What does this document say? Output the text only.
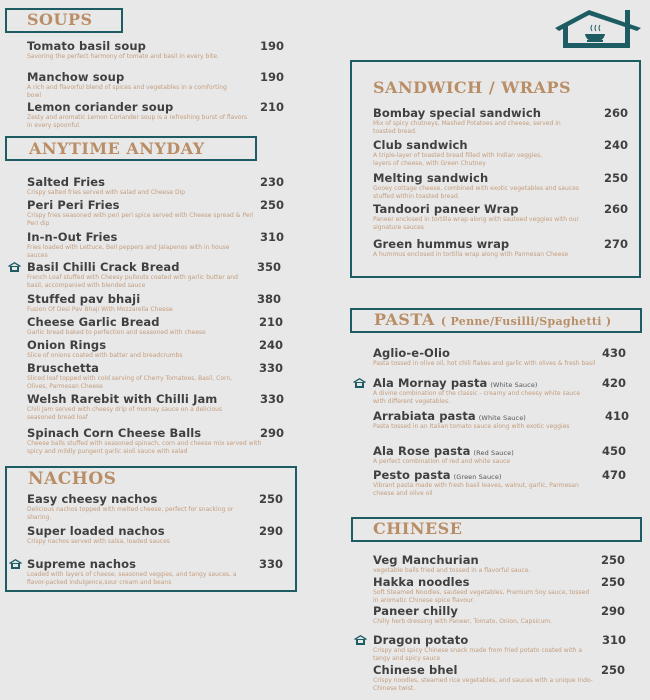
SOUPS
Tomato basil soup	190
Savoring the perfect harmony of tomato and basil in every bite.
Manchow soup	190
A rich and flavorful blend of spices and vegetables in a comforting bowl
Lemon coriander soup	210
Zesty and aromatic Lemon Coriander soup is a refreshing burst of flavors in every spoonful.
ANYTIME ANYDAY
Salted Fries	230
Crispy salted fries served with salad and Cheese Dip
Peri Peri Fries	250
Crispy fries seasoned with peri peri spice served with Cheese spread & Peri Peri dip
In-n-Out Fries	310
Fries loaded with Lettuce, Bell peppers and Jalapenos with in house sauces
Basil Chilli Crack Bread	350
French Loaf stuffed with Cheesy pullouts coated with garlic butter and basil, accompanied with blended sauce
Stuffed pav bhaji	380
Fusion Of Desi Pav Bhaji With Mozzarella Cheese
Cheese Garlic Bread	210
Garlic bread baked to perfection and seasoned with cheese
Onion Rings	240
Slice of onions coated with batter and breadcrumbs
Bruschetta	330
Sliced loaf topped with cold serving of Cherry Tomatoes, Basil, Corn, Olives, Parmesan Cheese
Welsh Rarebit with Chilli Jam	330
Chili Jam served with cheesy drip of mornay sauce on a delicious seasoned bread loaf
Spinach Corn Cheese Balls	290
Cheese balls stuffed with seasoned spinach, corn and cheese mix served with spicy and mildly pungent garlic aioli sauce with salad
NACHOS
Easy cheesy nachos	250
Delicious nachos topped with melted cheese, perfect for snacking or sharing.
Super loaded nachos	290
Crispy nachos served with salsa, loaded sauces
Supreme nachos	330
Loaded with layers of cheese, seasoned veggies, and tangy sauces, a flavor-packed indulgence,sour cream and beans
SANDWICH / WRAPS
Bombay special sandwich	260
Mix of spicy chutneys, Mashed Potatoes and cheese, served in toasted bread.
Club sandwich	240
A triple-layer of toasted bread filled with Indian veggies, layers of cheese, with Green Chutney
Melting sandwich	250
Gooey cottage cheese, combined with exotic vegetables and sauces stuffed within toasted bread.
Tandoori paneer Wrap	260
Paneer enclosed in tortilla wrap along with sauteed veggies with our signature sauces
Green hummus wrap	270
A hummus enclosed in tortilla wrap along with Parmesan Cheese
PASTA ( Penne/Fusilli/Spaghetti )
Aglio-e-Olio	430
Pasta tossed in olive oil, hot chili flakes and garlic with olives & fresh basil
Ala Mornay pasta (White Sauce)	420
A divine combination of the classic - creamy and cheesy white sauce with different vegetables.
Arrabiata pasta (White Sauce)	410
Pasta tossed in an Italian tomato sauce along with exotic veggies
Ala Rose pasta (Red Sauce)	450
A perfect combination of red and white sauce
Pesto pasta (Green Sauce)	470
Vibrant pasta made with fresh basil leaves, walnut, garlic, Parmesan cheese and olive oil
CHINESE
Veg Manchurian	250
vegetable balls fried and tossed in a flavorful sauce.
Hakka noodles	250
Soft Steamed Noodles, sauteed vegetables, Premium Soy sauce, tossed in aromatic Chinese spice flavour.
Paneer chilly	290
Chilly herb dressing with Paneer, Tomato, Onion, Capsicum.
Dragon potato	310
Crispy and spicy Chinese snack made from fried potato coated with a tangy and spicy sauce
Chinese bhel	250
Crispy noodles, steamed rice vegetables, and sauces with a unique Indo-Chinese twist.
